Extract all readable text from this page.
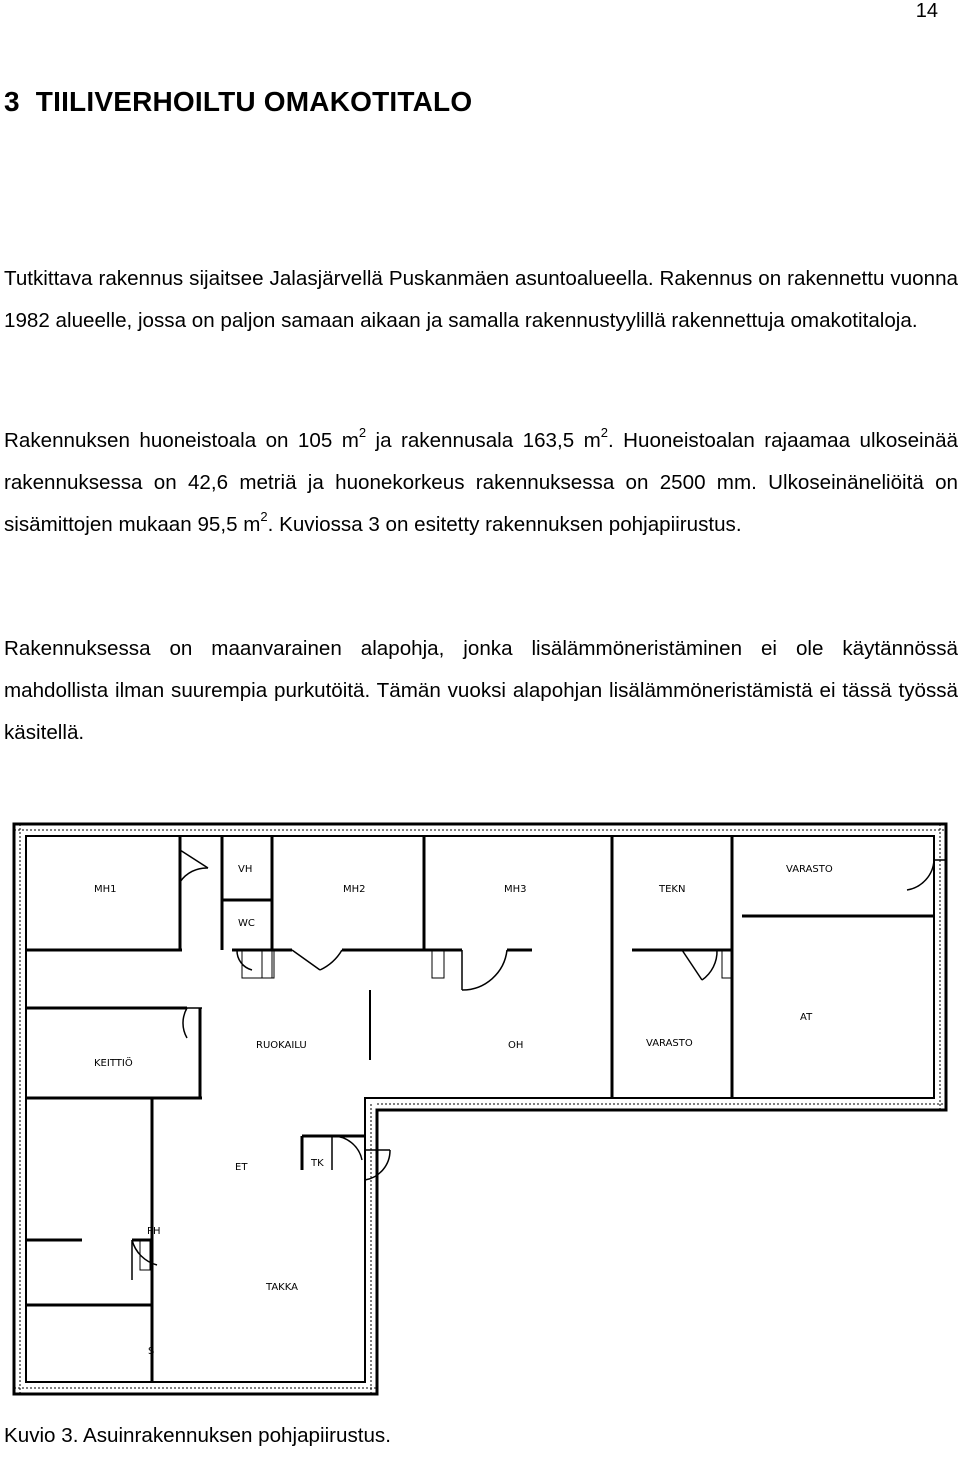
14
3 TIILIVERHOILTU OMAKOTITALO

Tutkittava rakennus sijaitsee Jalasjärvellä Puskanmäen asuntoalueella. Rakennus on rakennettu vuonna 1982 alueelle, jossa on paljon samaan aikaan ja samalla rakennustyylillä rakennettuja omakotitaloja.

Rakennuksen huoneistoala on 105 $m^2$ ja rakennusala 163,5 $m^2$. Huoneistoalan rajaamaa ulkoseinää rakennuksessa on 42,6 metriä ja huonekorkeus rakennuksessa on 2500 mm. Ulkoseinäneliöitä on sisämittojen mukaan 95,5 $m^2$. Kuviossa 3 on esitetty rakennuksen pohjapiirustus.

Rakennuksessa on maanvarainen alapohja, jonka lisälämmöneristäminen ei ole käytännössä mahdollista ilman suurempia purkutöitä. Tämän vuoksi alapohjan lisälämmöneristämistä ei tässä työssä käsitellä.

MH1
VH
WC
MH2	MH3	TEKN
VARASTO
AT
KEITTIÖ
RUOKAILU	OH	VARASTO
ET	TK
PH
TAKKA
S

Kuvio 3. Asuinrakennuksen pohjapiirustus.
